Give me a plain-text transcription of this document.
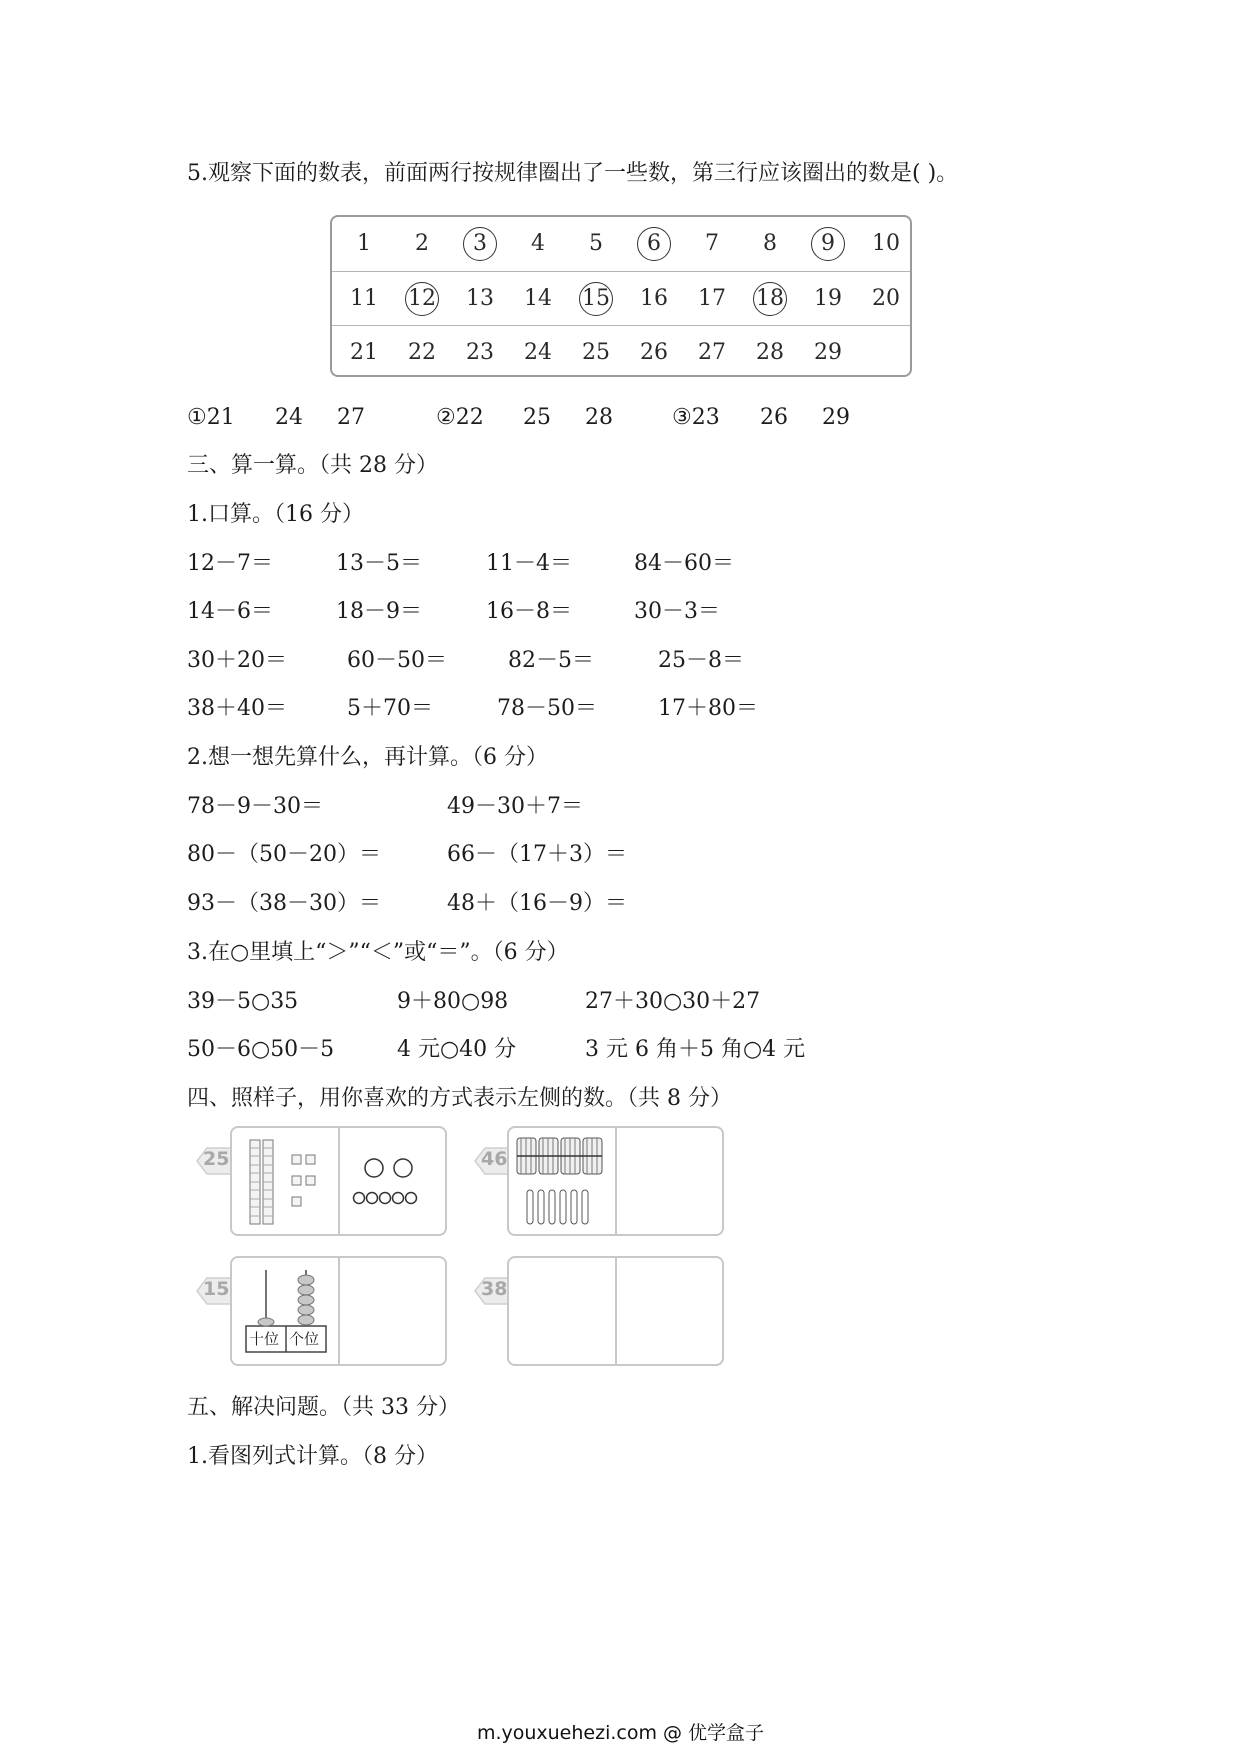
5.观察下面的数表，前面两行按规律圈出了一些数，第三行应该圈出的数是( )。
1	2	3	4	5	6	7	8	9	10
11	12	13	14	15	16	17	18	19	20
21	22	23	24	25	26	27	28	29
①21 24 27	②22 25 28	③23 26 29
三、算一算。（共 28 分）
1.口算。（16 分）
12－7＝	13－5＝	11－4＝	84－60＝
14－6＝	18－9＝	16－8＝	30－3＝
30＋20＝	60－50＝	82－5＝	25－8＝
38＋40＝	5＋70＝	78－50＝	17＋80＝
2.想一想先算什么，再计算。（6 分）
78－9－30＝	49－30＋7＝
80－（50－20）＝	66－（17＋3）＝
93－（38－30）＝	48＋（16－9）＝
3.在○里填上“＞”“＜”或“＝”。（6 分）
39－5○35	9＋80○98	27＋30○30＋27
50－6○50－5	4 元○40 分	3 元 6 角＋5 角○4 元
四、照样子，用你喜欢的方式表示左侧的数。（共 8 分）
25	46
15
十位 个位
38
五、解决问题。（共 33 分）
1.看图列式计算。（8 分）
m.youxuehezi.com @ 优学盒子
